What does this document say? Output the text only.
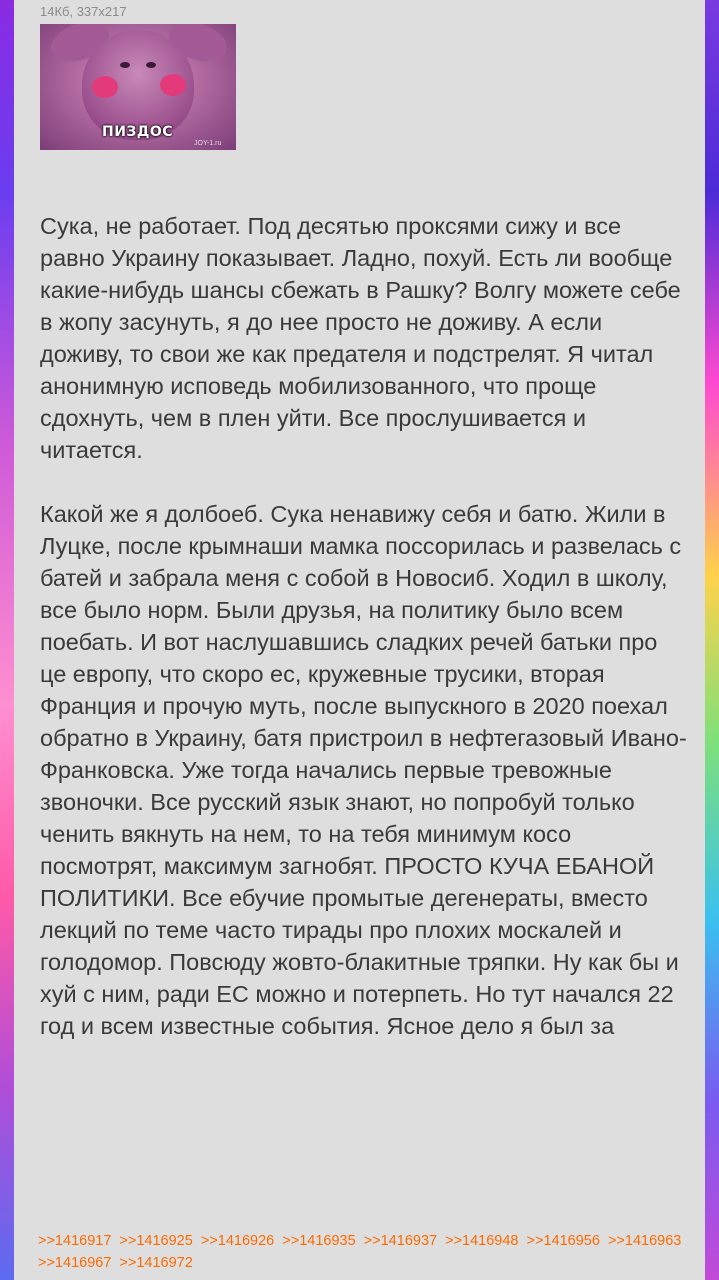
14Кб, 337x217
ПИЗДОС
JOY-1.ru

Сука, не работает. Под десятью проксями сижу и все равно Украину показывает. Ладно, похуй. Есть ли вообще какие-нибудь шансы сбежать в Рашку? Волгу можете себе в жопу засунуть, я до нее просто не доживу. А если доживу, то свои же как предателя и подстрелят. Я читал анонимную исповедь мобилизованного, что проще сдохнуть, чем в плен уйти. Все прослушивается и читается.

Какой же я долбоеб. Сука ненавижу себя и батю. Жили в Луцке, после крымнаши мамка поссорилась и развелась с батей и забрала меня с собой в Новосиб. Ходил в школу, все было норм. Были друзья, на политику было всем поебать. И вот наслушавшись сладких речей батьки про це европу, что скоро ес, кружевные трусики, вторая Франция и прочую муть, после выпускного в 2020 поехал обратно в Украину, батя пристроил в нефтегазовый Ивано-Франковска. Уже тогда начались первые тревожные звоночки. Все русский язык знают, но попробуй только ченить вякнуть на нем, то на тебя минимум косо посмотрят, максимум загнобят. ПРОСТО КУЧА ЕБАНОЙ ПОЛИТИКИ. Все ебучие промытые дегенераты, вместо лекций по теме часто тирады про плохих москалей и голодомор. Повсюду жовто-блакитные тряпки. Ну как бы и хуй с ним, ради ЕС можно и потерпеть. Но тут начался 22 год и всем известные события. Ясное дело я был за

>>1416917 >>1416925 >>1416926 >>1416935 >>1416937 >>1416948 >>1416956 >>1416963 >>1416967 >>1416972
